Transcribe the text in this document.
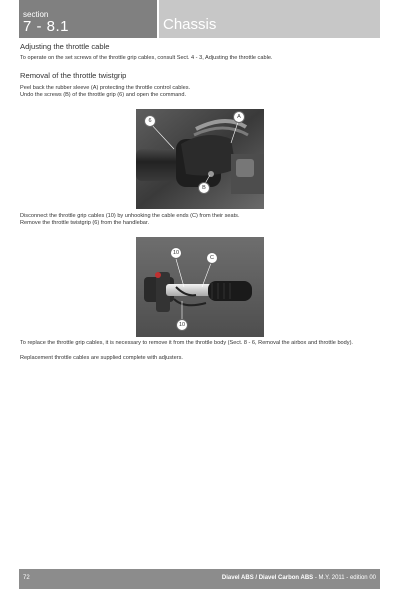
section
7 - 8.1	Chassis
Adjusting the throttle cable
To operate on the set screws of the throttle grip cables, consult Sect. 4 - 3, Adjusting the throttle cable.
Removal of the throttle twistgrip
Peel back the rubber sleeve (A) protecting the throttle control cables.
Undo the screws (B) of the throttle grip (6) and open the command.
6
A
B
Disconnect the throttle grip cables (10) by unhooking the cable ends (C) from their seats.
Remove the throttle twistgrip (6) from the handlebar.
10
C
10
To replace the throttle grip cables, it is necessary to remove it from the throttle body (Sect. 8 - 6, Removal the airbox and throttle body).
Replacement throttle cables are supplied complete with adjusters.
72	Diavel ABS / Diavel Carbon ABS - M.Y. 2011 - edition 00
